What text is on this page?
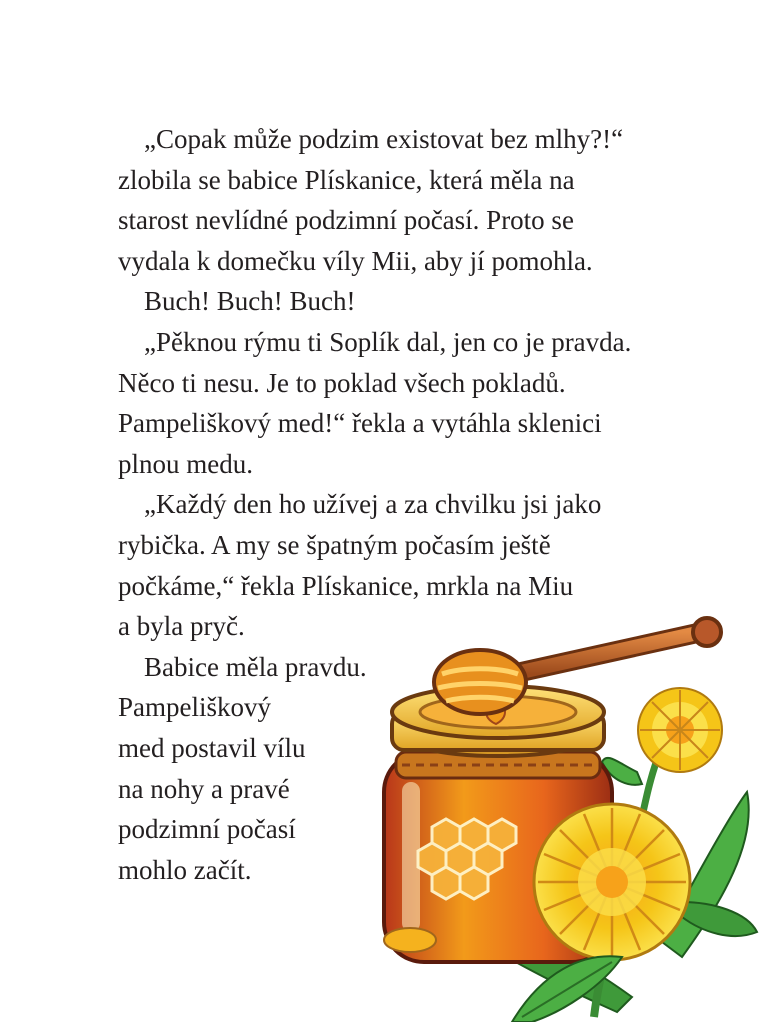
„Copak může podzim existovat bez mlhy?!“
zlobila se babice Plískanice, která měla na
starost nevlídné podzimní počasí. Proto se
vydala k domečku víly Mii, aby jí pomohla.
Buch! Buch! Buch!
„Pěknou rýmu ti Soplík dal, jen co je pravda.
Něco ti nesu. Je to poklad všech pokladů.
Pampeliškový med!“ řekla a vytáhla sklenici
plnou medu.
„Každý den ho užívej a za chvilku jsi jako
rybička. A my se špatným počasím ještě
počkáme,“ řekla Plískanice, mrkla na Miu
a byla pryč.
Babice měla pravdu.
Pampeliškový
med postavil vílu
na nohy a pravé
podzimní počasí
mohlo začít.
